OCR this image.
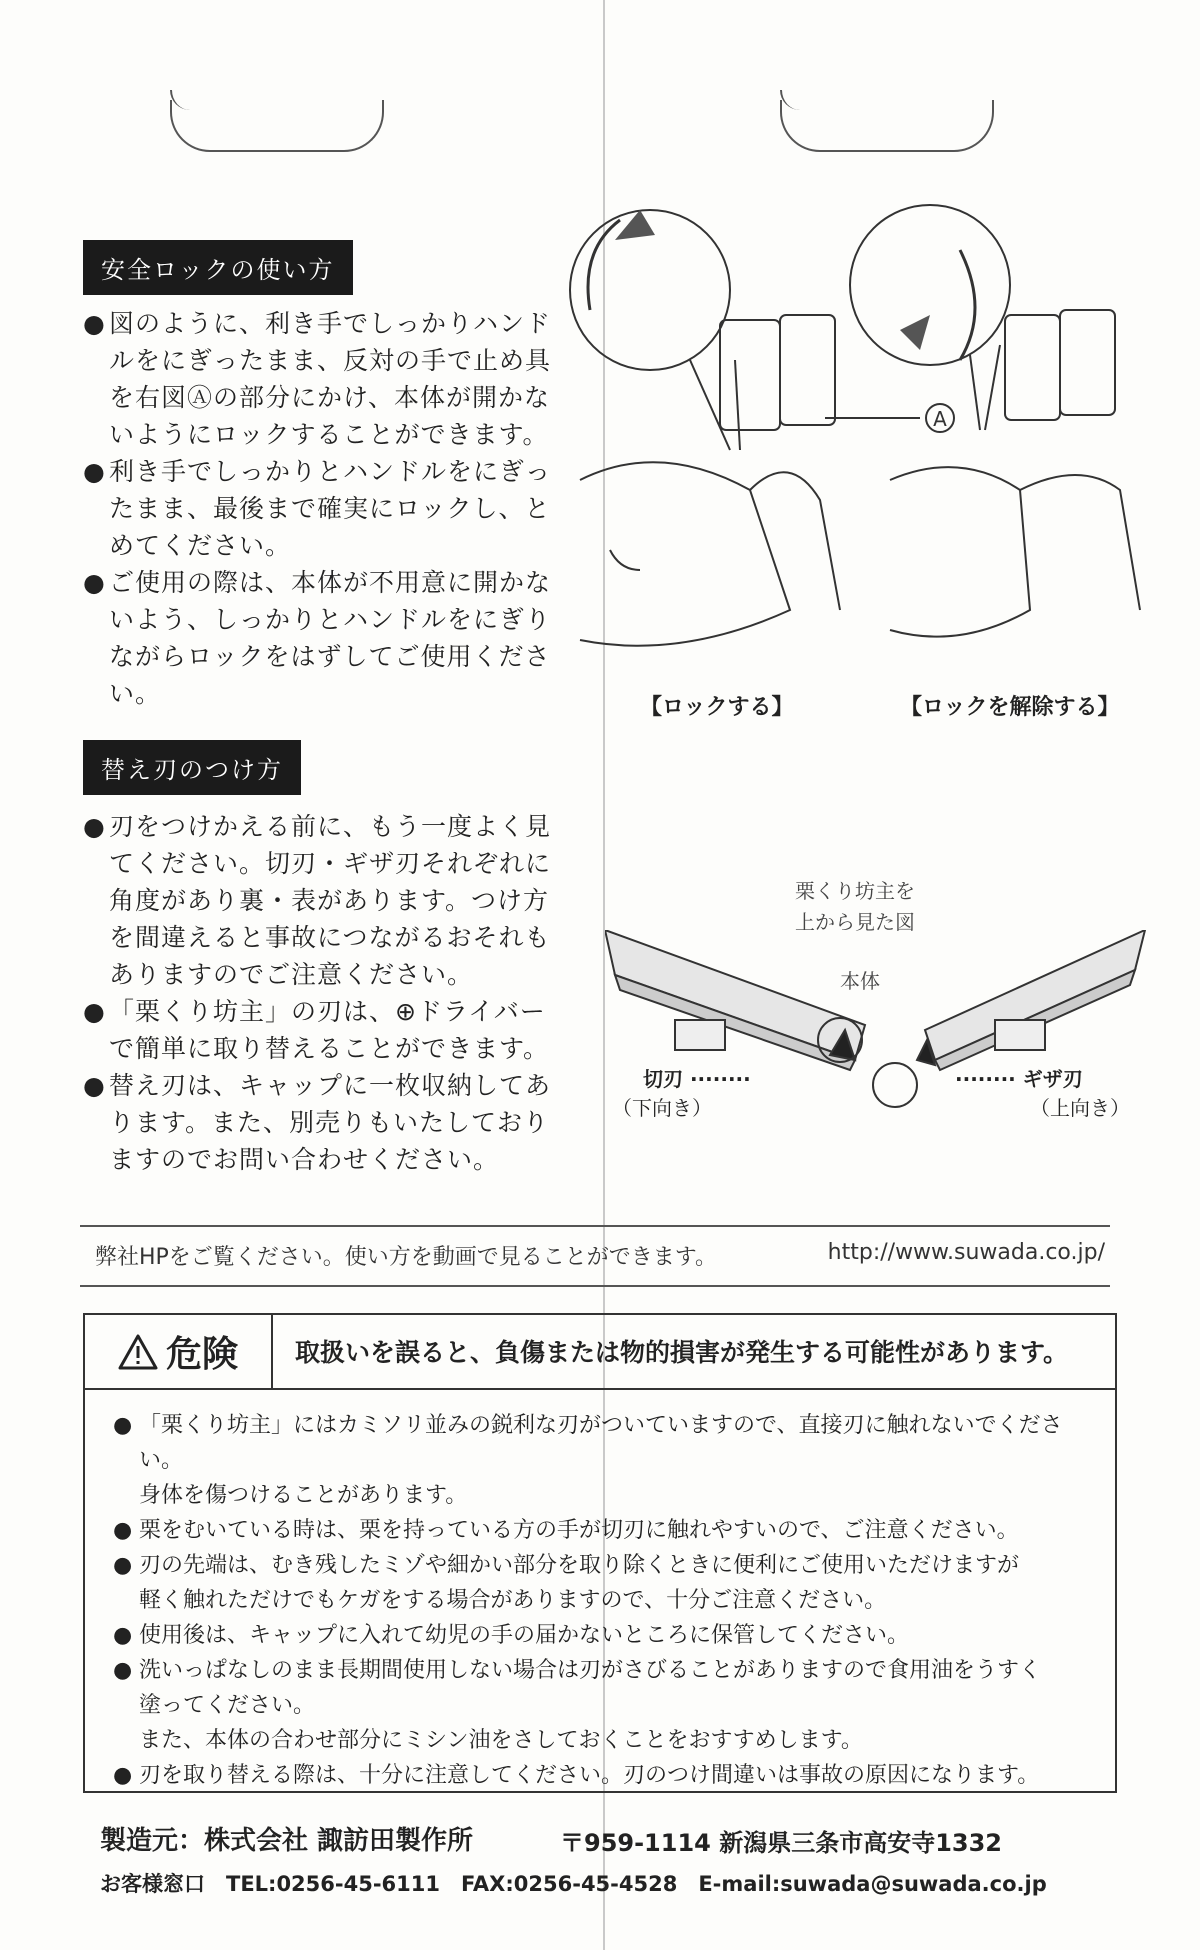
安全ロックの使い方
● 図のように、利き手でしっかりハンドルをにぎったまま、反対の手で止め具を右図Ⓐの部分にかけ、本体が開かないようにロックすることができます。
● 利き手でしっかりとハンドルをにぎったまま、最後まで確実にロックし、とめてください。
● ご使用の際は、本体が不用意に開かないよう、しっかりとハンドルをにぎりながらロックをはずしてご使用ください。
A
【ロックする】	【ロックを解除する】
替え刃のつけ方
● 刃をつけかえる前に、もう一度よく見てください。切刃・ギザ刃それぞれに角度があり裏・表があります。つけ方を間違えると事故につながるおそれもありますのでご注意ください。
● 「栗くり坊主」の刃は、⊕ドライバーで簡単に取り替えることができます。
● 替え刃は、キャップに一枚収納してあります。また、別売りもいたしておりますのでお問い合わせください。
栗くり坊主を
上から見た図
本体
切刃 ········
（下向き）
········ ギザ刃
（上向き）
弊社HPをご覧ください。使い方を動画で見ることができます。	http://www.suwada.co.jp/
危険 取扱いを誤ると、負傷または物的損害が発生する可能性があります。
● 「栗くり坊主」にはカミソリ並みの鋭利な刃がついていますので、直接刃に触れないでください。
身体を傷つけることがあります。
● 栗をむいている時は、栗を持っている方の手が切刃に触れやすいので、ご注意ください。
● 刃の先端は、むき残したミゾや細かい部分を取り除くときに便利にご使用いただけますが
軽く触れただけでもケガをする場合がありますので、十分ご注意ください。
● 使用後は、キャップに入れて幼児の手の届かないところに保管してください。
● 洗いっぱなしのまま長期間使用しない場合は刃がさびることがありますので食用油をうすく
塗ってください。
また、本体の合わせ部分にミシン油をさしておくことをおすすめします。
● 刃を取り替える際は、十分に注意してください。刃のつけ間違いは事故の原因になります。
製造元：株式会社 諏訪田製作所	〒959-1114 新潟県三条市高安寺1332
お客様窓口　TEL:0256-45-6111　FAX:0256-45-4528　E-mail:suwada@suwada.co.jp
